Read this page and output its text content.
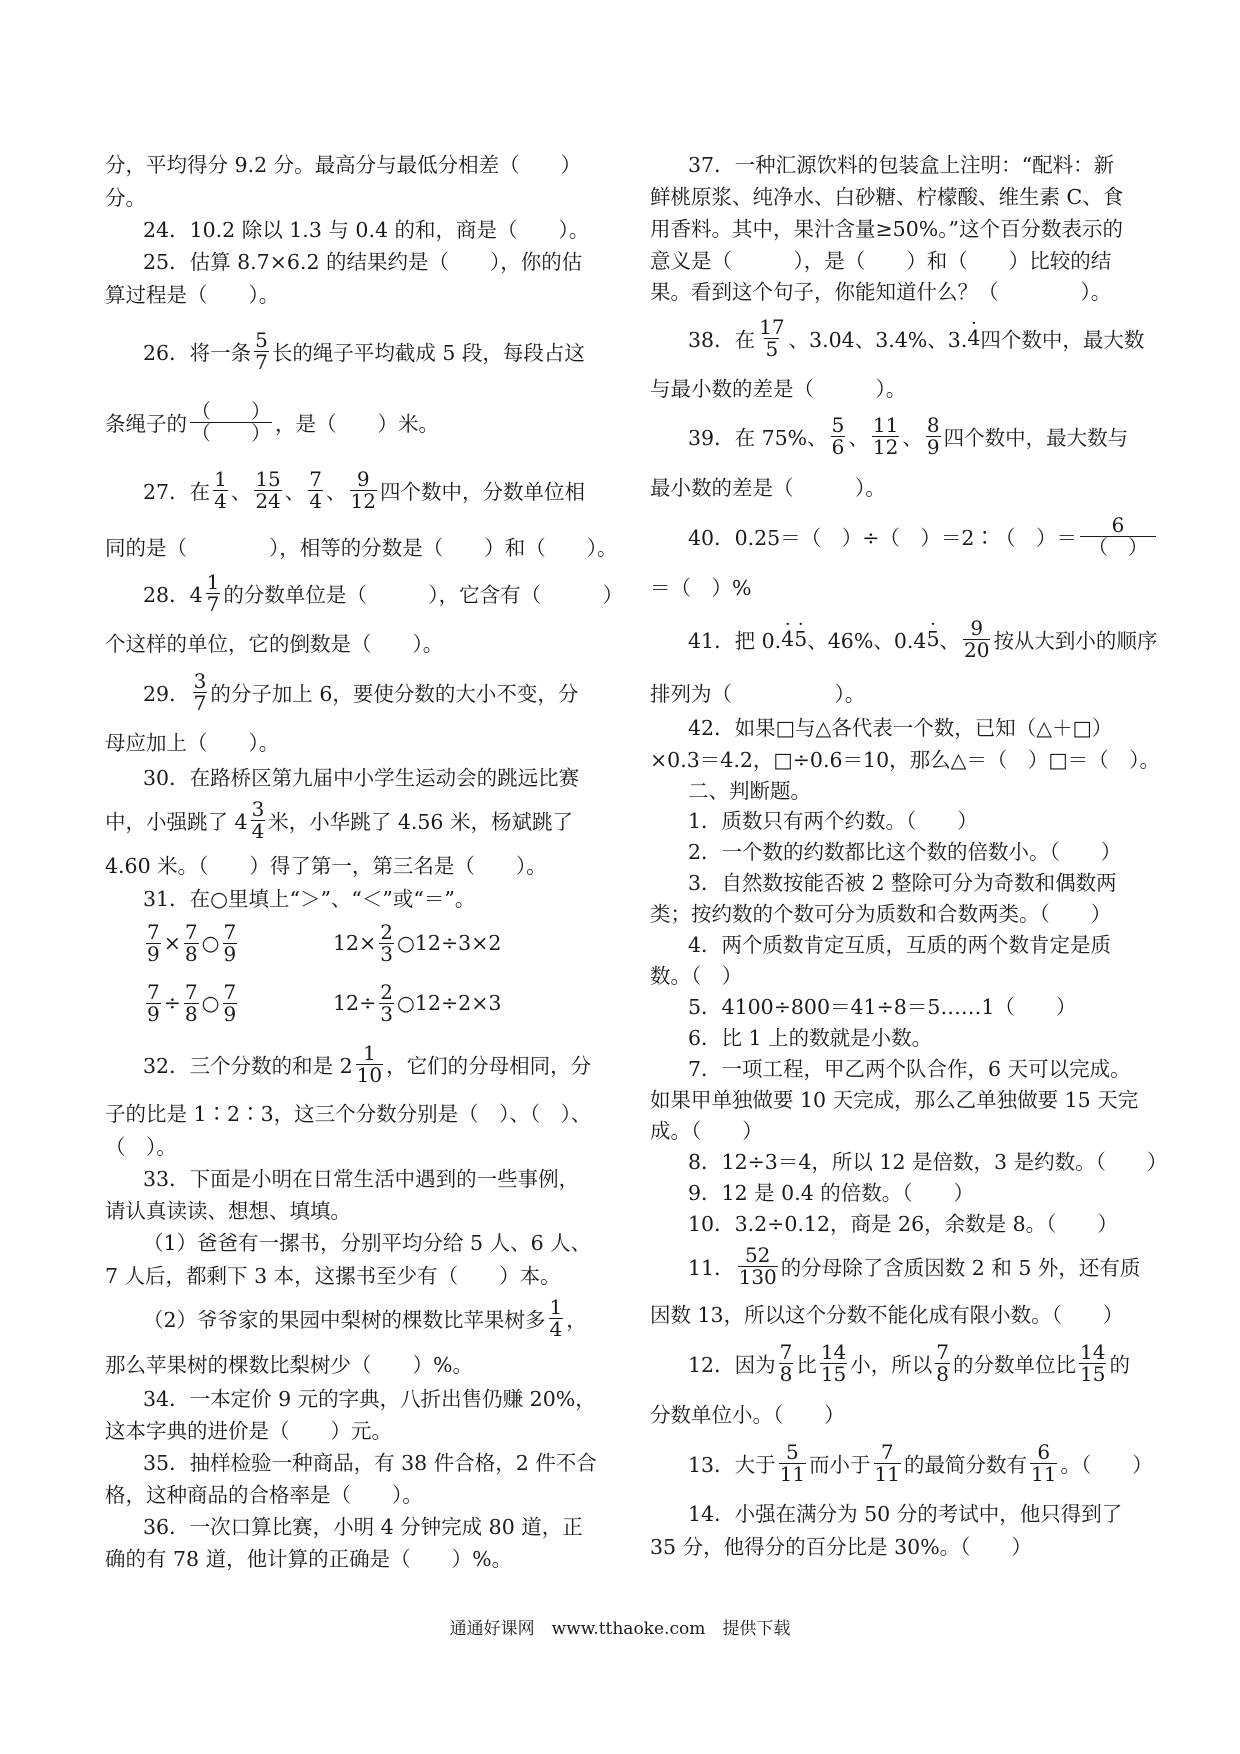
分，平均得分 9.2 分。最高分与最低分相差（　　）
分。
24．10.2 除以 1.3 与 0.4 的和，商是（　　）。
25．估算 8.7×6.2 的结果约是（　　），你的估
算过程是（　　）。
26．将一条 $\frac{5}{7}$ 长的绳子平均截成 5 段，每段占这
条绳子的 $\frac{( )}{( )}$ ，是（　　）米。
27．在 $\frac{1}{4}$ 、 $\frac{15}{24}$ 、 $\frac{7}{4}$ 、 $\frac{9}{12}$ 四个数中，分数单位相
同的是（　　　　），相等的分数是（　　）和（　　）。
28．$4 \frac{1}{7}$ 的分数单位是（　　　），它含有（　　　）
个这样的单位，它的倒数是（　　）。
29． $\frac{3}{7}$ 的分子加上 6，要使分数的大小不变，分
母应加上（　　）。
30．在路桥区第九届中小学生运动会的跳远比赛
中，小强跳了 $4 \frac{3}{4}$ 米，小华跳了 4.56 米，杨斌跳了
4.60 米。（　　）得了第一，第三名是（　　）。
31．在○里填上“＞”、“＜”或“＝”。
$\frac{7}{9} \times \frac{7}{8}$ ○ $\frac{7}{9}$	$12\times \frac{2}{3}$ ○12÷3×2
$\frac{7}{9} \div \frac{7}{8}$ ○ $\frac{7}{9}$	$12\div \frac{2}{3}$ ○12÷2×3
32．三个分数的和是 $2 \frac{1}{10}$ ，它们的分母相同，分
子的比是 1∶2∶3，这三个分数分别是（　）、（　）、
（　）。
33．下面是小明在日常生活中遇到的一些事例，
请认真读读、想想、填填。
（1）爸爸有一摞书，分别平均分给 5 人、6 人、
7 人后，都剩下 3 本，这摞书至少有（　　）本。
（2）爷爷家的果园中梨树的棵数比苹果树多 $\frac{1}{4}$ ，
那么苹果树的棵数比梨树少（　　）%。
34．一本定价 9 元的字典，八折出售仍赚 20%，
这本字典的进价是（　　）元。
35．抽样检验一种商品，有 38 件合格，2 件不合
格，这种商品的合格率是（　　）。
36．一次口算比赛，小明 4 分钟完成 80 道，正
确的有 78 道，他计算的正确是（　　）%。
37．一种汇源饮料的包装盒上注明：“配料：新
鲜桃原浆、纯净水、白砂糖、柠檬酸、维生素 C、食
用香料。其中，果汁含量≥50%。”这个百分数表示的
意义是（　　　），是（　　）和（　　）比较的结
果。看到这个句子，你能知道什么？（　　　　）。
38．在 $\frac{17}{5}$ 、3.04、3.4%、3. · 4 四个数中，最大数
与最小数的差是（　　　）。
39．在 75%、 $\frac{5}{6}$ 、 $\frac{11}{12}$ 、 $\frac{8}{9}$ 四个数中，最大数与
最小数的差是（　　　）。
40．0.25＝（　）÷（　）＝2∶（　）＝ $\frac{6}{( )}$
＝（　）%
41．把 0. · 4 · 5 、46%、0.4 · 5 、 $\frac{9}{20}$ 按从大到小的顺序
排列为（　　　　　）。
42．如果□与△各代表一个数，已知（△＋□）
×0.3＝4.2，□÷0.6＝10，那么△＝（　）□＝（　）。
二、判断题。
1．质数只有两个约数。（　　）
2．一个数的约数都比这个数的倍数小。（　　）
3．自然数按能否被 2 整除可分为奇数和偶数两
类；按约数的个数可分为质数和合数两类。（　　）
4．两个质数肯定互质，互质的两个数肯定是质
数。（　）
5．4100÷800＝41÷8＝5……1（　　）
6．比 1 上的数就是小数。
7．一项工程，甲乙两个队合作，6 天可以完成。
如果甲单独做要 10 天完成，那么乙单独做要 15 天完
成。（　　）
8．12÷3＝4，所以 12 是倍数，3 是约数。（　　）
9．12 是 0.4 的倍数。（　　）
10．3.2÷0.12，商是 26，余数是 8。（　　）
11． $\frac{52}{130}$ 的分母除了含质因数 2 和 5 外，还有质
因数 13，所以这个分数不能化成有限小数。（　　）
12．因为 $\frac{7}{8}$ 比 $\frac{14}{15}$ 小，所以 $\frac{7}{8}$ 的分数单位比 $\frac{14}{15}$ 的
分数单位小。（　　）
13．大于 $\frac{5}{11}$ 而小于 $\frac{7}{11}$ 的最简分数有 $\frac{6}{11}$ 。（　　）
14．小强在满分为 50 分的考试中，他只得到了
35 分，他得分的百分比是 30%。（　　）
通通好课网　www.tthaoke.com　提供下载
